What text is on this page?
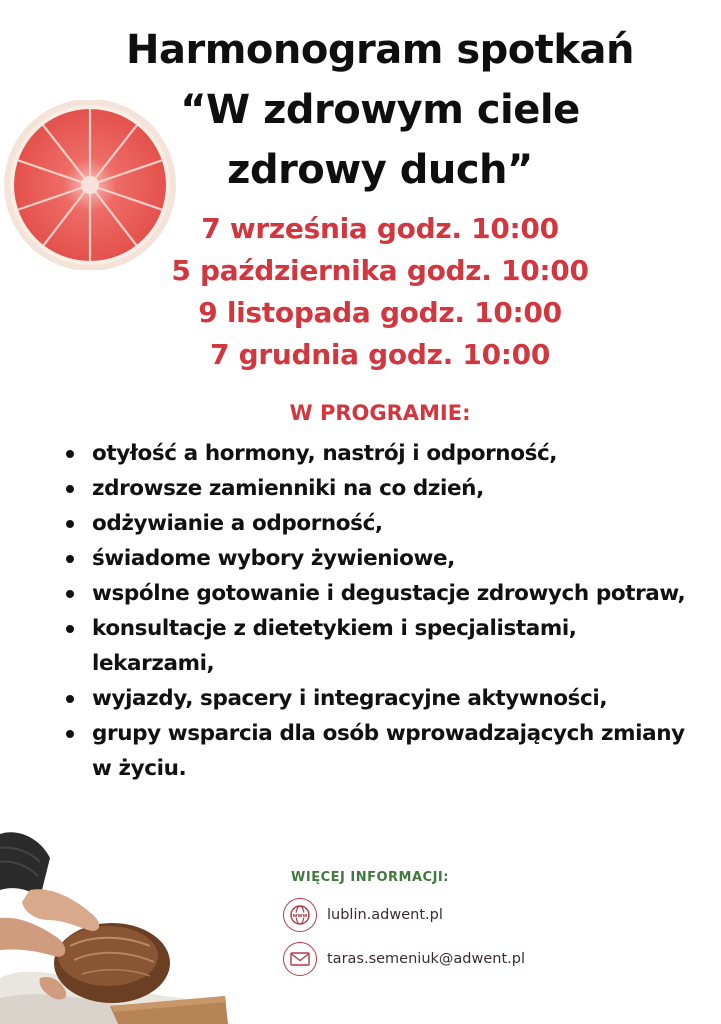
Harmonogram spotkań
“W zdrowym ciele
zdrowy duch”
7 września godz. 10:00
5 października godz. 10:00
9 listopada godz. 10:00
7 grudnia godz. 10:00
W PROGRAMIE:
otyłość a hormony, nastrój i odporność,
zdrowsze zamienniki na co dzień,
odżywianie a odporność,
świadome wybory żywieniowe,
wspólne gotowanie i degustacje zdrowych potraw,
konsultacje z dietetykiem i specjalistami, lekarzami,
wyjazdy, spacery i integracyjne aktywności,
grupy wsparcia dla osób wprowadzających zmiany w życiu.

WIĘCEJ INFORMACJI:

www lublin.adwent.pl
taras.semeniuk@adwent.pl
